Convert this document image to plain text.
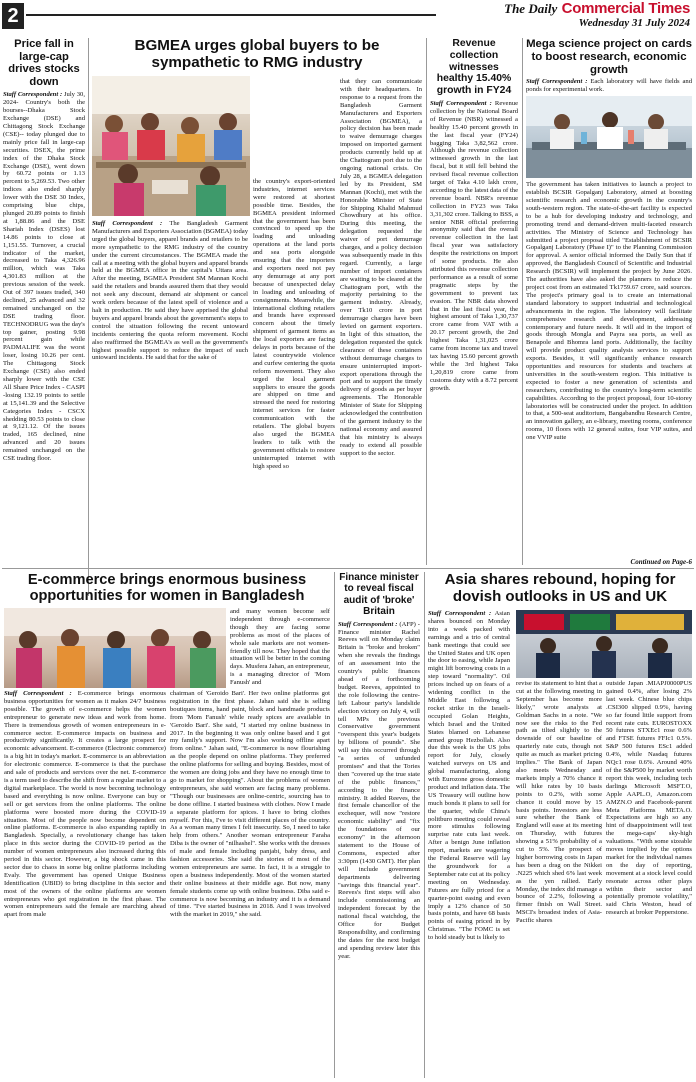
2	The Daily Commercial Times
Wednesday 31 July 2024
Price fall in large-cap drives stocks down

Staff Correspondent : July 30, 2024- Country's both the bourses--Dhaka Stock Exchange (DSE) and Chittagong Stock Exchange (CSE)-- today plunged due to mainly price fall in large-cap securities. DSEX, the prime index of the Dhaka Stock Exchange (DSE), went down by 60.72 points or 1.13 percent to 5,269.53. Two other indices also ended sharply lower with the DSE 30 Index, comprising blue chips, plunged 20.89 points to finish at 1,88.86 and the DSE Shariah Index (DSES) lost 14.86 points to close at 1,151.55. Turnover, a crucial indicator of the market, decreased to Taka 4,326.96 million, which was Taka 4,301.83 million at the previous session of the week. Out of 397 issues traded, 340 declined, 25 advanced and 32 remained unchanged on the DSE trading floor. TECHNODRUG was the day's top gainer, posting 9.98 percent gain while PADMALIFE was the worst loser, losing 10.26 per cent. The Chittagong Stock Exchange (CSE) also ended sharply lower with the CSE All Share Price Index - CASPI -losing 132.19 points to settle at 15,141.39 and the Selective Categories Index - CSCX shedding 80.53 points to close at 9,121.12. Of the issues traded, 165 declined, nine advanced and 20 issues remained unchanged on the CSE trading floor.

BGMEA urges global buyers to be sympathetic to RMG industry

Staff Correspondent : The Bangladesh Garment Manufacturers and Exporters Association (BGMEA) today urged the global buyers, apparel brands and retailers to be more sympathetic to the RMG industry of the country under the current circumstances. The BGMEA made the call at a meeting with the global buyers and apparel brands held at the BGMEA office in the capital's Uttara area. After the meeting, BGMEA President SM Mannan Kochi said the retailers and brands assured them that they would not seek any discount, demand air shipment or cancel work orders because of the latest spell of violence and a halt in production. He said they have apprised the global buyers and apparel brands about the government's steps to control the situation following the recent untoward incidents centering the quota reform movement. Kochi also reaffirmed the BGMEA's as well as the government's highest possible support to reduce the impact of such untoward incidents. He said that for the sake of

the country's export-oriented industries, internet services were restored at shortest possible time. Besides, the BGMEA president informed that the government has been convinced to speed up the loading and unloading operations at the land ports and sea ports alongside ensuring that the importers and exporters need not pay any demurrage at any port because of unexpected delay in loading and unloading of consignments. Meanwhile, the international clothing retailers and brands have expressed concern about the timely shipment of garment items as the local exporters are facing delays in ports because of the latest countrywide violence and curfew centering the quota reform movement. They also urged the local garment suppliers to ensure the goods are shipped on time and stressed the need for restoring internet services for faster communication with the retailers. The global buyers also urged the BGMEA leaders to talk with the government officials to restore uninterrupted internet with high speed so

that they can communicate with their headquarters. In response to a request from the Bangladesh Garment Manufacturers and Exporters Association (BGMEA), a policy decision has been made to waive demurrage charges imposed on imported garment products currently held up at the Chattogram port due to the ongoing national crisis. On July 28, a BGMEA delegation led by its President, SM Mannan (Kochi), met with the Honorable Minister of State for Shipping Khalid Mahmud Chowdhury at his office. During this meeting, the delegation requested the waiver of port demurrage charges, and a policy decision was subsequently made in this regard. Currently, a large number of import containers are waiting to be cleared at the Chattogram port, with the majority pertaining to the garment industry. Already, over Tk10 crore in port demurrage charges have been levied on garment exporters. In light of this situation, the delegation requested the quick clearance of these containers without demurrage charges to ensure uninterrupted import-export operations through the port and to support the timely delivery of goods as per buyer agreements. The Honorable Minister of State for Shipping acknowledged the contribution of the garment industry to the national economy and assured that his ministry is always ready to extend all possible support to the sector.

Revenue collection witnesses healthy 15.40% growth in FY24

Staff Correspondent : Revenue collection by the National Board of Revenue (NBR) witnessed a healthy 15.40 percent growth in the last fiscal year (FY24) bagging Taka 3,82,562 crore. Although the revenue collection witnessed growth in the last fiscal, but it still fell behind the revised fiscal revenue collection target of Taka 4.10 lakh crore, according to the latest data of the revenue board. NBR's revenue collection in FY23 was Taka 3,31,302 crore. Talking to BSS, a senior NBR official preferring anonymity said that the overall revenue collection in the last fiscal year was satisfactory despite the restrictions on import of some products. He also attributed this revenue collection performance as a result of some pragmatic steps by the government to prevent tax evasion. The NBR data showed that in the last fiscal year, the highest amount of Taka 1,30,737 crore came from VAT with a 20.17 percent growth, the 2nd highest Taka 1,31,025 crore came from income tax and travel tax having 15.60 percent growth while the 3rd highest Taka 1,20,819 crore came from customs duty with a 8.72 percent growth.

Mega science project on cards to boost research, economic growth

Staff Correspondent : Each laboratory will have fields and ponds for experimental work.

The government has taken initiatives to launch a project to establish BCSIR Gopalganj Laboratory, aimed at boosting scientific research and economic growth in the country's south-western region. The state-of-the-art facility is expected to be a hub for developing industry and technology, and promoting trend and demand-driven multi-faceted research activities. The Ministry of Science and Technology has submitted a project proposal titled "Establishment of BCSIR Gopalganj Laboratory (Phase I)" to the Planning Commission for approval. A senior official informed the Daily Sun that if approved, the Bangladesh Council of Scientific and Industrial Research (BCSIR) will implement the project by June 2026. The authorities have also asked the planners to reduce the project cost from an estimated Tk1759.67 crore, said sources. The project's primary goal is to create an international standard laboratory to support industrial and technological advancements in the region. The laboratory will facilitate comprehensive research and development, addressing contemporary and future needs. It will aid in the import of goods through Mongla and Payra sea ports, as well as Benapole and Bhomra land ports. Additionally, the facility will provide product quality analysis services to support exports. Besides, it will significantly enhance research opportunities and resources for students and teachers at universities in the south-western region. This initiative is expected to foster a new generation of scientists and researchers, contributing to the country's long-term scientific capabilities. According to the project proposal, four 10-storey laboratories will be constructed under the project. In addition to that, a 500-seat auditorium, Bangabandhu Research Centre, an innovation gallery, an e-library, meeting rooms, conference rooms, 10 floors with 12 general suites, four VIP suites, and one VVIP suite

Continued on Page-6
E-commerce brings enormous business opportunities for women in Bangladesh

and many women become self independent through e-commerce though they are facing some problems as most of the places of whole sale markets are not women-friendly till now. They hoped that the situation will be better in the coming days. Musfera Jahan, an entrepreneur, is a managing director of 'Mom Fanush' and

Staff Correspondent : E-commerce brings enormous business opportunities for women as it makes 24/7 business possible. The growth of e-commerce helps the women entrepreneur to generate new ideas and work from home. There is tremendous growth of women entrepreneurs in e-commerce sector. E-commerce impacts on business and productivity significantly. It creates a large prospect for economic advancement. E-commerce (Electronic commerce) is a big hit in today's market. E-commerce is an abbreviation for electronic commerce. E-commerce is that the purchase and sale of products and services over the net. E-commerce is a term used to describe the shift from a regular market to a digital marketplace. The world is now becoming technology based and everything is now online. Everyone can buy or sell or get services from the online platforms. The online platforms were boosted more during the COVID-19 situation. Most of the people now become dependent on online platforms. E-commerce is also expanding rapidly in Bangladesh. Specially, a revolutionary change has taken place in this sector during the COVID-19 period as the number of women entrepreneurs also increased during this period in this sector. However, a big shock came in this sector due to chaos in some big online platforms including Evaly. The government has opened Unique Business Identification (UBID) to bring discipline in this sector and most of the owners of the online platforms are women entrepreneurs who got registration in the first phase. The women entrepreneurs said the female are marching ahead apart from male

chairman of 'Geroido Bari'. Her two online platforms got registration in the first phase. Jahan said she is selling boutiques items, hand paint, block and handmade products from 'Mom Fanush' while ready spices are available in 'Geroido Bari'. She said, "I started my online business in 2017. In the beginning it was only online based and I got my family's support. Now I'm also working offline apart from online." Jahan said, "E-commerce is now flourishing as the people depend on online platforms. They preferred the online platforms for selling and buying. Besides, most of the women are doing jobs and they have no enough time to go to market for shopping". About the problems of women entrepreneurs, she said women are facing many problems. "Though our businesses are online-centric, sourcing has to be done offline. I started business with clothes. Now I made a separate platform for spices. I have to bring clothes myself. For this, I've to visit different places of the country. As a woman many times I felt insecurity. So, I need to take help from others." Another woman entrepreneur Faraha Diba is the owner of "nilhashel". She works with the dresses of male and female including panjabi, baby dress, and fashion accessories. She said the stories of most of the women entrepreneurs are same. In fact, it is a struggle to open a business independently. Most of the women started their online business at their middle age. But now, many female students come up with online business. Diba said e-commerce is now becoming an industry and it is a demand of time. "I've started business in 2018. And I was involved with the market in 2019," she said.

Finance minister to reveal fiscal audit of 'broke' Britain

Staff Correspondent : (AFP) - Finance minister Rachel Reeves will on Monday claim Britain is "broke and broken" when she reveals the findings of an assessment into the country's public finances ahead of a forthcoming budget. Reeves, appointed to the role following the centre-left Labour party's landslide election victory on July 4, will tell MPs the previous Conservative government "overspent this year's budgets by billions of pounds". She will say this occurred through "a series of unfunded promises" and that the Tories then "covered up the true state of the public finances," according to the finance ministry. It added Reeves, the first female chancellor of the exchequer, will now "restore economic stability" and "fix the foundations of our economy" in the afternoon statement to the House of Commons, expected after 3:30pm (1430 GMT). Her plan will include government departments delivering "savings this financial year". Reeves's first steps will also include commissioning an independent forecast by the national fiscal watchdog, the Office for Budget Responsibility, and confirming the dates for the next budget and spending review later this year.

Asia shares rebound, hoping for dovish outlooks in US and UK

Staff Correspondent : Asian shares bounced on Monday into a week packed with earnings and a trio of central bank meetings that could see the United States and UK open the door to easing, while Japan might lift borrowing costs in a step toward "normality". Oil prices inched up on fears of a widening conflict in the Middle East following a rocket strike in the Israeli-occupied Golan Heights, which Israel and the United States blamed on Lebanese armed group Hezbollah. Also due this week is the US jobs report for July, closely watched surveys on US and global manufacturing, along with Eurozone gross domestic product and inflation data. The US Treasury will outline how much bonds it plans to sell for the quarter, while China's politburo meeting could reveal more stimulus following surprise rate cuts last week. After a benign June inflation report, markets are wagering the Federal Reserve will lay the groundwork for a September rate cut at its policy meeting on Wednesday. Futures are fully priced for a quarter-point easing and even imply a 12% chance of 50 basis points, and have 68 basis points of easing priced in by Christmas. "The FOMC is set to hold steady but is likely to

revise its statement to hint that a cut at the following meeting in September has become more likely," wrote analysts at Goldman Sachs in a note. "We now see the risks to the Fed path as tilted slightly to the downside of our baseline of quarterly rate cuts, though not quite as much as market pricing implies." The Bank of Japan also meets Wednesday and markets imply a 70% chance it will hike rates by 10 basis points to 0.2%, with some chance it could move by 15 basis points. Investors are less sure whether the Bank of England will ease at its meeting on Thursday, with futures showing a 51% probability of a cut to 5%. The prospect of higher borrowing costs in Japan has been a drag on the Nikkei .N225 which shed 6% last week as the yen rallied. Early Monday, the index did manage a bounce of 2.2%, following a firmer finish on Wall Street. MSCI's broadest index of Asia-Pacific shares

outside Japan .MIAPJ0000PUS gained 0.4%, after losing 2% last week. Chinese blue chips .CSI300 slipped 0.9%, having so far found little support from recent rate cuts. EUROSTOXX 50 futures STXEc1 rose 0.6% and FTSE futures FFIc1 0.5%. S&P 500 futures ESc1 added 0.4%, while Nasdaq futures NQc1 rose 0.6%. Around 40% of the S&P500 by market worth report this week, including tech darlings Microsoft MSFT.O, Apple AAPL.O, Amazon.com AMZN.O and Facebook-parent Meta Platforms META.O. Expectations are high so any hint of disappointment will test the mega-caps' sky-high valuations. "With some sizeable moves implied by the options market for the individual names on the day of reporting, movement at a stock level could resonate across other plays within their sector and potentially promote volatility," said Chris Weston, head of research at broker Pepperstone.
